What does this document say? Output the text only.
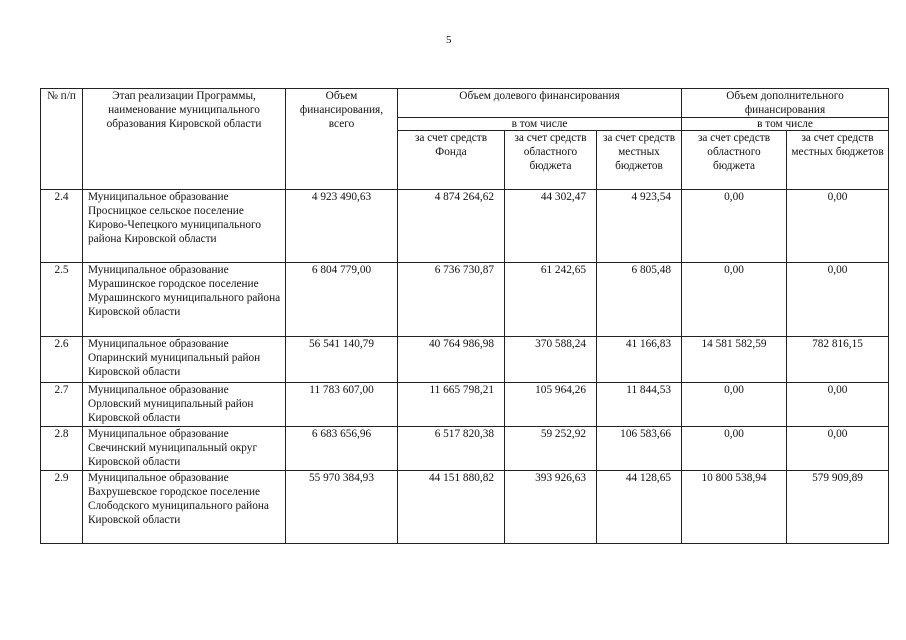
5
№ п/п	Этап реализации Программы, наименование муниципального образования Кировской области	Объем финансирования, всего	Объем долевого финансирования			Объем дополнительного финансирования	
			в том числе			в том числе	
			за счет средств Фонда	за счет средств областного бюджета	за счет средств местных бюджетов	за счет средств областного бюджета	за счет средств местных бюджетов
2.4	Муниципальное образование Просницкое сельское поселение Кирово-Чепецкого муниципального района Кировской области	4 923 490,63	4 874 264,62	44 302,47	4 923,54	0,00	0,00
2.5	Муниципальное образование Мурашинское городское поселение Мурашинского муниципального района Кировской области	6 804 779,00	6 736 730,87	61 242,65	6 805,48	0,00	0,00
2.6	Муниципальное образование Опаринский муниципальный район Кировской области	56 541 140,79	40 764 986,98	370 588,24	41 166,83	14 581 582,59	782 816,15
2.7	Муниципальное образование Орловский муниципальный район Кировской области	11 783 607,00	11 665 798,21	105 964,26	11 844,53	0,00	0,00
2.8	Муниципальное образование Свечинский муниципальный округ Кировской области	6 683 656,96	6 517 820,38	59 252,92	106 583,66	0,00	0,00
2.9	Муниципальное образование Вахрушевское городское поселение Слободского муниципального района Кировской области	55 970 384,93	44 151 880,82	393 926,63	44 128,65	10 800 538,94	579 909,89
